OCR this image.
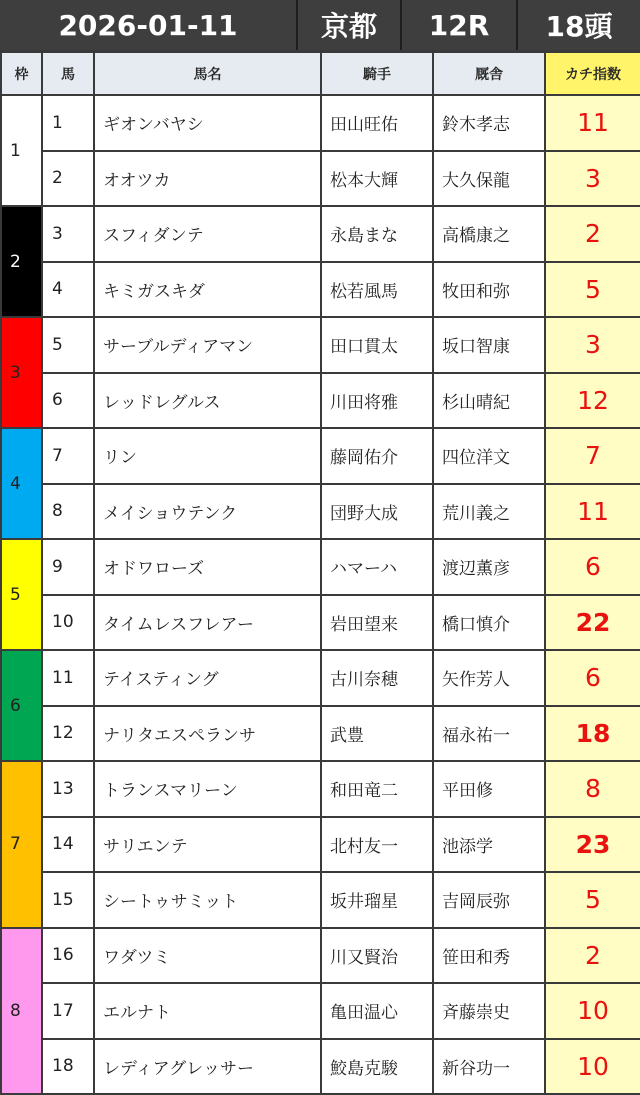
2026-01-11	京都	12R	18頭
枠	馬	馬名	騎手	厩舎	カチ指数
1	1	ギオンバヤシ	田山旺佑	鈴木孝志	11
	2	オオツカ	松本大輝	大久保龍	3
2	3	スフィダンテ	永島まな	高橋康之	2
	4	キミガスキダ	松若風馬	牧田和弥	5
3	5	サーブルディアマン	田口貫太	坂口智康	3
	6	レッドレグルス	川田将雅	杉山晴紀	12
4	7	リン	藤岡佑介	四位洋文	7
	8	メイショウテンク	団野大成	荒川義之	11
5	9	オドワローズ	ハマーハ	渡辺薫彦	6
	10	タイムレスフレアー	岩田望来	橋口慎介	22
6	11	テイスティング	古川奈穂	矢作芳人	6
	12	ナリタエスペランサ	武豊	福永祐一	18
7	13	トランスマリーン	和田竜二	平田修	8
	14	サリエンテ	北村友一	池添学	23
	15	シートゥサミット	坂井瑠星	吉岡辰弥	5
8	16	ワダツミ	川又賢治	笹田和秀	2
	17	エルナト	亀田温心	斉藤崇史	10
	18	レディアグレッサー	鮫島克駿	新谷功一	10
